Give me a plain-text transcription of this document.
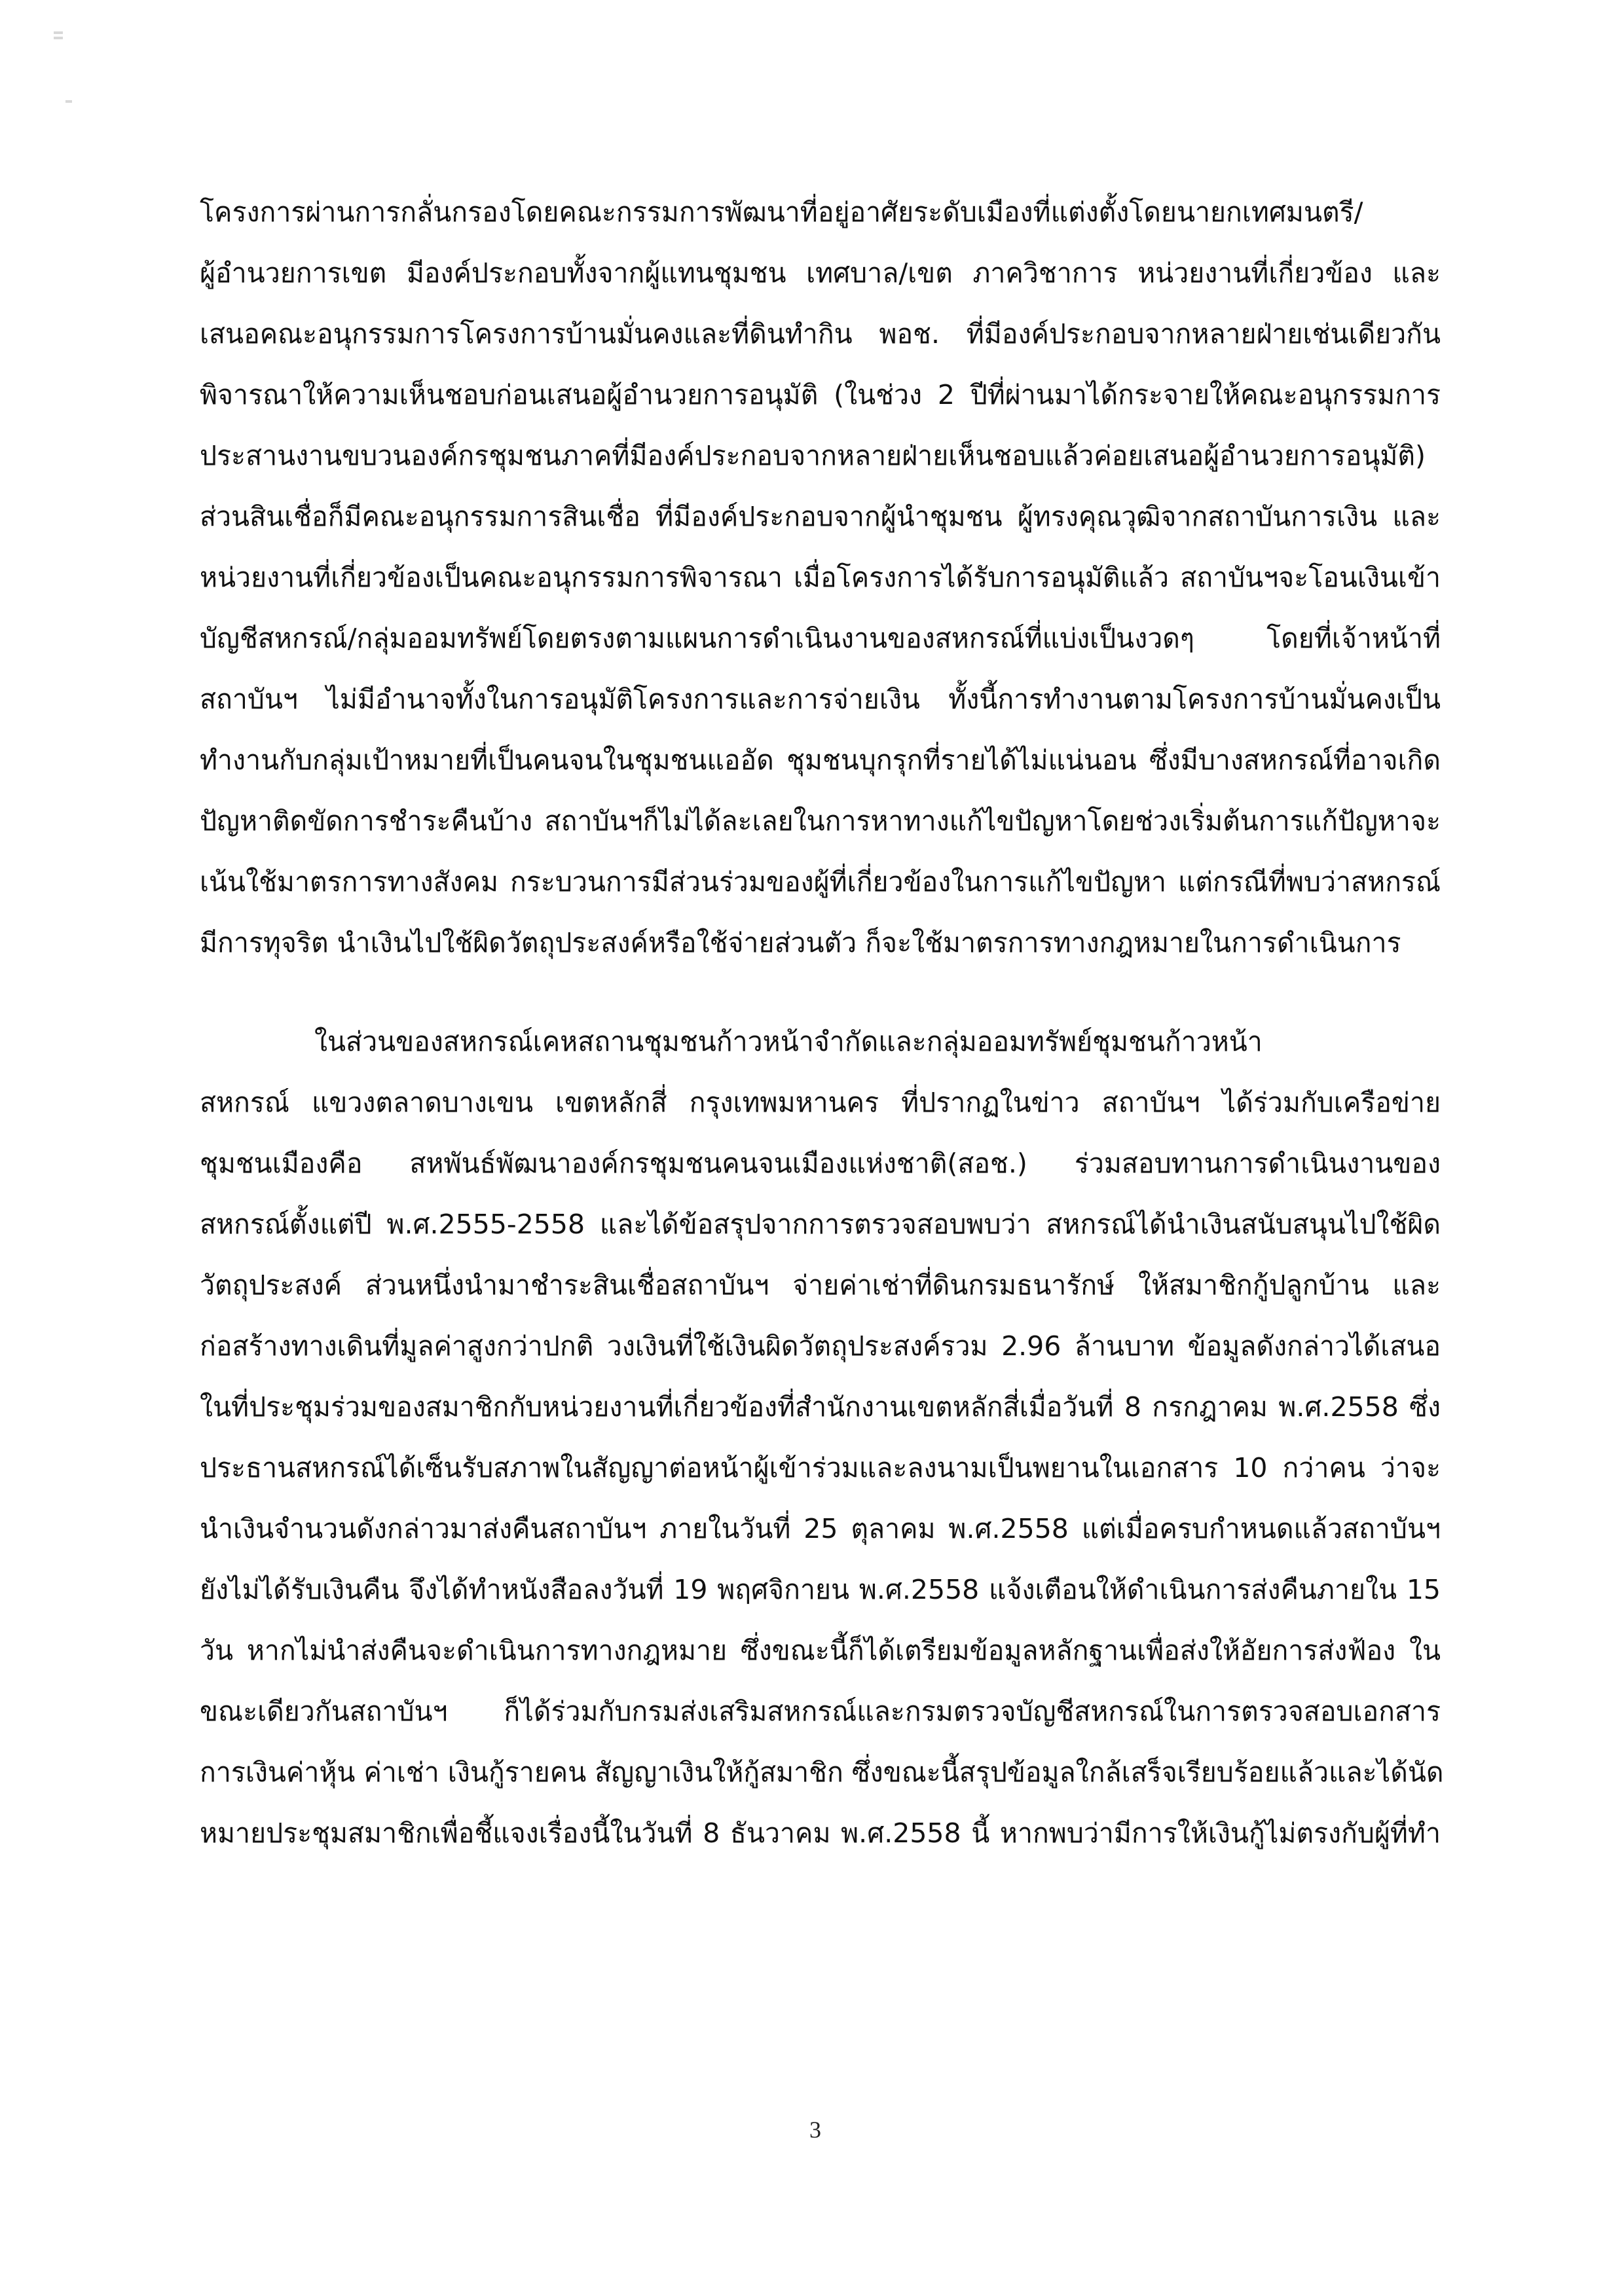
โครงการผ่านการกลั่นกรองโดยคณะกรรมการพัฒนาที่อยู่อาศัยระดับเมืองที่แต่งตั้งโดยนายกเทศมนตรี/
ผู้อำนวยการเขต มีองค์ประกอบทั้งจากผู้แทนชุมชน เทศบาล/เขต ภาควิชาการ หน่วยงานที่เกี่ยวข้อง และ
เสนอคณะอนุกรรมการโครงการบ้านมั่นคงและที่ดินทำกิน พอช. ที่มีองค์ประกอบจากหลายฝ่ายเช่นเดียวกัน
พิจารณาให้ความเห็นชอบก่อนเสนอผู้อำนวยการอนุมัติ (ในช่วง 2 ปีที่ผ่านมาได้กระจายให้คณะอนุกรรมการ
ประสานงานขบวนองค์กรชุมชนภาคที่มีองค์ประกอบจากหลายฝ่ายเห็นชอบแล้วค่อยเสนอผู้อำนวยการอนุมัติ)
ส่วนสินเชื่อก็มีคณะอนุกรรมการสินเชื่อ ที่มีองค์ประกอบจากผู้นำชุมชน ผู้ทรงคุณวุฒิจากสถาบันการเงิน และ
หน่วยงานที่เกี่ยวข้องเป็นคณะอนุกรรมการพิจารณา เมื่อโครงการได้รับการอนุมัติแล้ว สถาบันฯจะโอนเงินเข้า
บัญชีสหกรณ์/กลุ่มออมทรัพย์โดยตรงตามแผนการดำเนินงานของสหกรณ์ที่แบ่งเป็นงวดๆ โดยที่เจ้าหน้าที่
สถาบันฯ ไม่มีอำนาจทั้งในการอนุมัติโครงการและการจ่ายเงิน ทั้งนี้การทำงานตามโครงการบ้านมั่นคงเป็น
ทำงานกับกลุ่มเป้าหมายที่เป็นคนจนในชุมชนแออัด ชุมชนบุกรุกที่รายได้ไม่แน่นอน ซึ่งมีบางสหกรณ์ที่อาจเกิด
ปัญหาติดขัดการชำระคืนบ้าง สถาบันฯก็ไม่ได้ละเลยในการหาทางแก้ไขปัญหาโดยช่วงเริ่มต้นการแก้ปัญหาจะ
เน้นใช้มาตรการทางสังคม กระบวนการมีส่วนร่วมของผู้ที่เกี่ยวข้องในการแก้ไขปัญหา แต่กรณีที่พบว่าสหกรณ์
มีการทุจริต นำเงินไปใช้ผิดวัตถุประสงค์หรือใช้จ่ายส่วนตัว ก็จะใช้มาตรการทางกฎหมายในการดำเนินการ
ในส่วนของสหกรณ์เคหสถานชุมชนก้าวหน้าจำกัดและกลุ่มออมทรัพย์ชุมชนก้าวหน้า
สหกรณ์ แขวงตลาดบางเขน เขตหลักสี่ กรุงเทพมหานคร ที่ปรากฏในข่าว สถาบันฯ ได้ร่วมกับเครือข่าย
ชุมชนเมืองคือ สหพันธ์พัฒนาองค์กรชุมชนคนจนเมืองแห่งชาติ(สอช.) ร่วมสอบทานการดำเนินงานของ
สหกรณ์ตั้งแต่ปี พ.ศ.2555-2558 และได้ข้อสรุปจากการตรวจสอบพบว่า สหกรณ์ได้นำเงินสนับสนุนไปใช้ผิด
วัตถุประสงค์ ส่วนหนึ่งนำมาชำระสินเชื่อสถาบันฯ จ่ายค่าเช่าที่ดินกรมธนารักษ์ ให้สมาชิกกู้ปลูกบ้าน และ
ก่อสร้างทางเดินที่มูลค่าสูงกว่าปกติ วงเงินที่ใช้เงินผิดวัตถุประสงค์รวม 2.96 ล้านบาท ข้อมูลดังกล่าวได้เสนอ
ในที่ประชุมร่วมของสมาชิกกับหน่วยงานที่เกี่ยวข้องที่สำนักงานเขตหลักสี่เมื่อวันที่ 8 กรกฎาคม พ.ศ.2558 ซึ่ง
ประธานสหกรณ์ได้เซ็นรับสภาพในสัญญาต่อหน้าผู้เข้าร่วมและลงนามเป็นพยานในเอกสาร 10 กว่าคน ว่าจะ
นำเงินจำนวนดังกล่าวมาส่งคืนสถาบันฯ ภายในวันที่ 25 ตุลาคม พ.ศ.2558 แต่เมื่อครบกำหนดแล้วสถาบันฯ
ยังไม่ได้รับเงินคืน จึงได้ทำหนังสือลงวันที่ 19 พฤศจิกายน พ.ศ.2558 แจ้งเตือนให้ดำเนินการส่งคืนภายใน 15
วัน หากไม่นำส่งคืนจะดำเนินการทางกฎหมาย ซึ่งขณะนี้ก็ได้เตรียมข้อมูลหลักฐานเพื่อส่งให้อัยการส่งฟ้อง ใน
ขณะเดียวกันสถาบันฯ ก็ได้ร่วมกับกรมส่งเสริมสหกรณ์และกรมตรวจบัญชีสหกรณ์ในการตรวจสอบเอกสาร
การเงินค่าหุ้น ค่าเช่า เงินกู้รายคน สัญญาเงินให้กู้สมาชิก ซึ่งขณะนี้สรุปข้อมูลใกล้เสร็จเรียบร้อยแล้วและได้นัด
หมายประชุมสมาชิกเพื่อชี้แจงเรื่องนี้ในวันที่ 8 ธันวาคม พ.ศ.2558 นี้ หากพบว่ามีการให้เงินกู้ไม่ตรงกับผู้ที่ทำ
3
